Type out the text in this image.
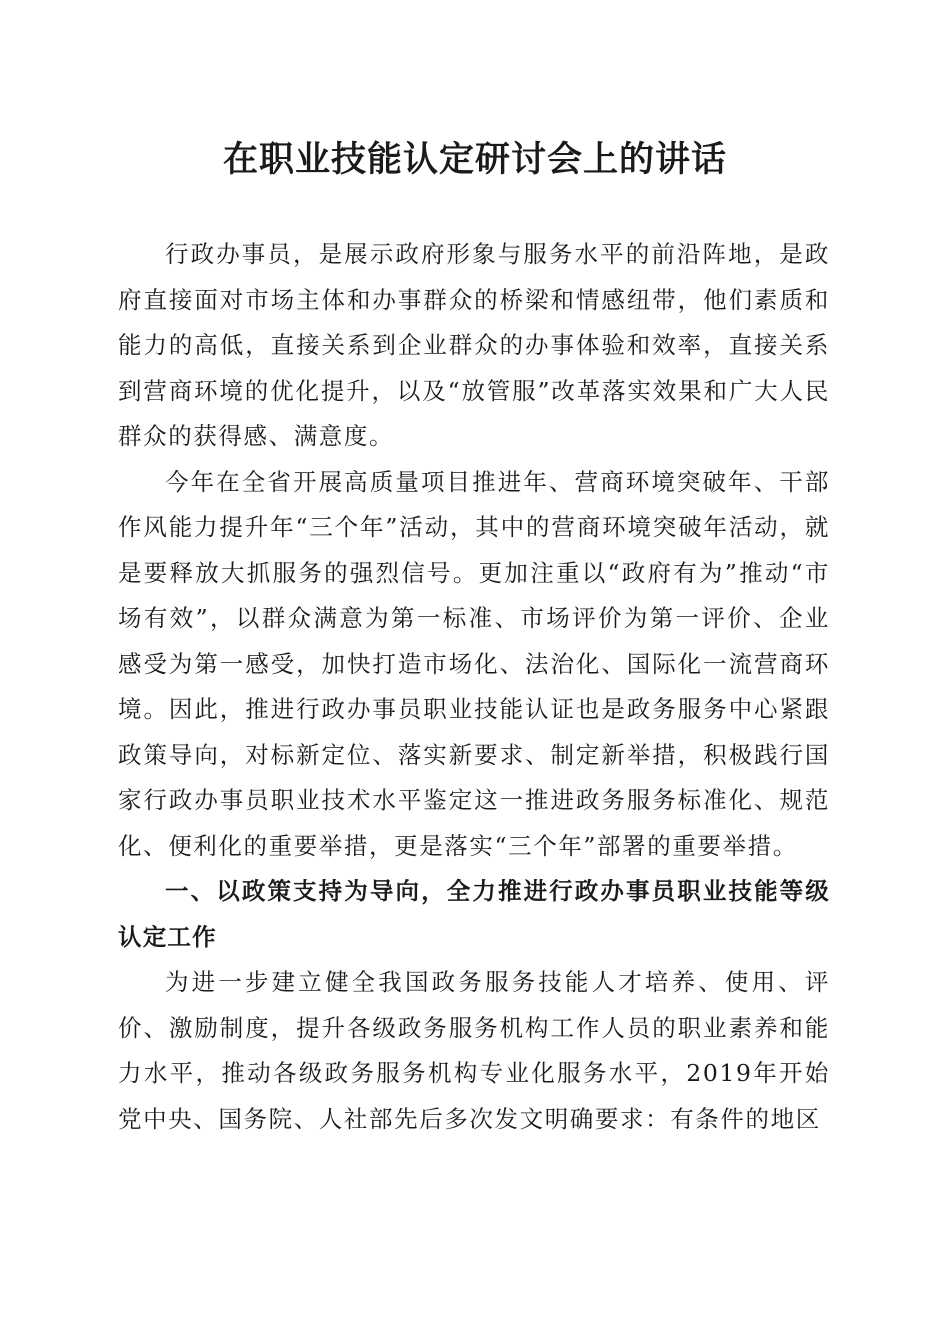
在职业技能认定研讨会上的讲话

行政办事员，是展示政府形象与服务水平的前沿阵地，是政府直接面对市场主体和办事群众的桥梁和情感纽带，他们素质和能力的高低，直接关系到企业群众的办事体验和效率，直接关系到营商环境的优化提升，以及“放管服”改革落实效果和广大人民群众的获得感、满意度。

今年在全省开展高质量项目推进年、营商环境突破年、干部作风能力提升年“三个年”活动，其中的营商环境突破年活动，就是要释放大抓服务的强烈信号。更加注重以“政府有为”推动“市场有效”，以群众满意为第一标准、市场评价为第一评价、企业感受为第一感受，加快打造市场化、法治化、国际化一流营商环境。因此，推进行政办事员职业技能认证也是政务服务中心紧跟政策导向，对标新定位、落实新要求、制定新举措，积极践行国家行政办事员职业技术水平鉴定这一推进政务服务标准化、规范化、便利化的重要举措，更是落实“三个年”部署的重要举措。

一、以政策支持为导向，全力推进行政办事员职业技能等级认定工作

为进一步建立健全我国政务服务技能人才培养、使用、评价、激励制度，提升各级政务服务机构工作人员的职业素养和能力水平，推动各级政务服务机构专业化服务水平，2019年开始党中央、国务院、人社部先后多次发文明确要求：有条件的地区
